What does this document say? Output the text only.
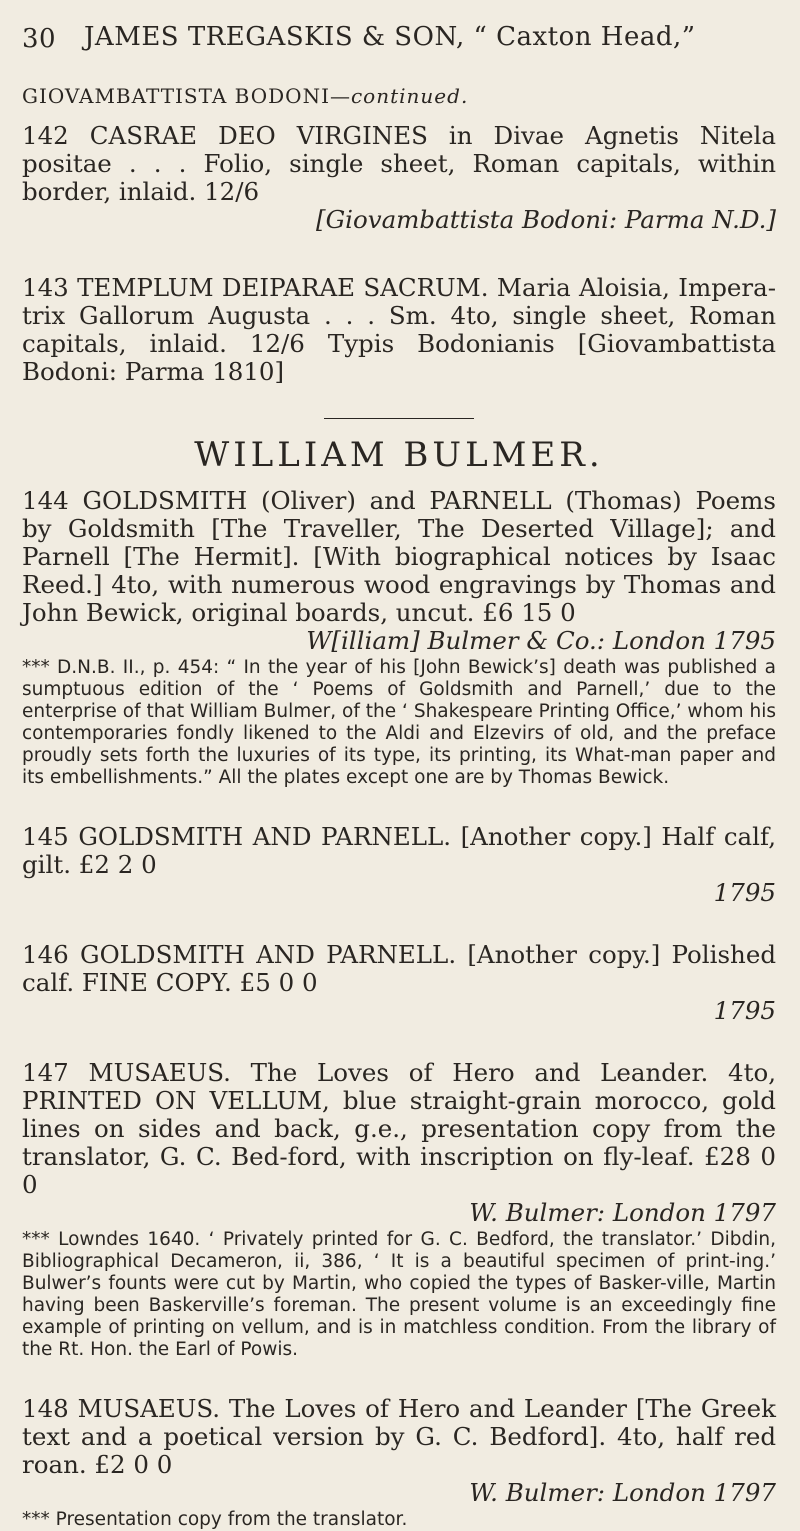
30 JAMES TREGASKIS & SON, “ Caxton Head,”
GIOVAMBATTISTA BODONI—continued.
142 CASRAE DEO VIRGINES in Divae Agnetis Nitela positae . . . Folio, single sheet, Roman capitals, within border, inlaid. 12/6
[Giovambattista Bodoni: Parma N.D.]
143 TEMPLUM DEIPARAE SACRUM. Maria Aloisia, Impera-trix Gallorum Augusta . . . Sm. 4to, single sheet, Roman capitals, inlaid. 12/6 Typis Bodonianis [Giovambattista Bodoni: Parma 1810]
WILLIAM BULMER.
144 GOLDSMITH (Oliver) and PARNELL (Thomas) Poems by Goldsmith [The Traveller, The Deserted Village]; and Parnell [The Hermit]. [With biographical notices by Isaac Reed.] 4to, with numerous wood engravings by Thomas and John Bewick, original boards, uncut. £6 15 0
W[illiam] Bulmer & Co.: London 1795
*** D.N.B. II., p. 454: “ In the year of his [John Bewick’s] death was published a sumptuous edition of the ‘ Poems of Goldsmith and Parnell,’ due to the enterprise of that William Bulmer, of the ‘ Shakespeare Printing Office,’ whom his contemporaries fondly likened to the Aldi and Elzevirs of old, and the preface proudly sets forth the luxuries of its type, its printing, its What-man paper and its embellishments.” All the plates except one are by Thomas Bewick.
145 GOLDSMITH AND PARNELL. [Another copy.] Half calf, gilt. £2 2 0
1795
146 GOLDSMITH AND PARNELL. [Another copy.] Polished calf. FINE COPY. £5 0 0
1795
147 MUSAEUS. The Loves of Hero and Leander. 4to, PRINTED ON VELLUM, blue straight-grain morocco, gold lines on sides and back, g.e., presentation copy from the translator, G. C. Bed-ford, with inscription on fly-leaf. £28 0 0
W. Bulmer: London 1797
*** Lowndes 1640. ‘ Privately printed for G. C. Bedford, the translator.’ Dibdin, Bibliographical Decameron, ii, 386, ‘ It is a beautiful specimen of print-ing.’ Bulwer’s founts were cut by Martin, who copied the types of Basker-ville, Martin having been Baskerville’s foreman. The present volume is an exceedingly fine example of printing on vellum, and is in matchless condition. From the library of the Rt. Hon. the Earl of Powis.
148 MUSAEUS. The Loves of Hero and Leander [The Greek text and a poetical version by G. C. Bedford]. 4to, half red roan. £2 0 0
W. Bulmer: London 1797
*** Presentation copy from the translator.
